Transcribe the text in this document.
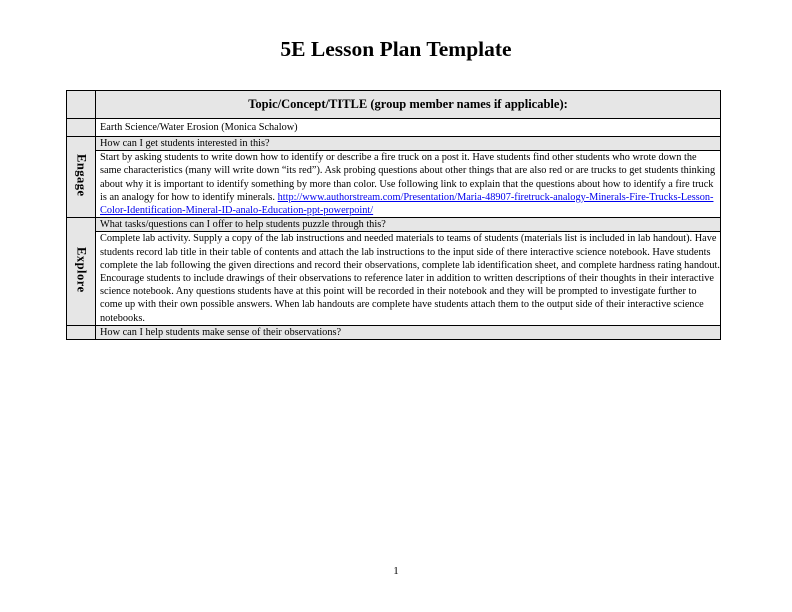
5E Lesson Plan Template
	Topic/Concept/TITLE (group member names if applicable):
	Earth Science/Water Erosion (Monica Schalow)
Engage	How can I get students interested in this?
	Start by asking students to write down how to identify or describe a fire truck on a post it. Have students find other students who wrote down the same characteristics (many will write down “its red”). Ask probing questions about other things that are also red or are trucks to get students thinking about why it is important to identify something by more than color. Use following link to explain that the questions about how to identify a fire truck is an analogy for how to identify minerals. http://www.authorstream.com/Presentation/Maria-48907-firetruck-analogy-Minerals-Fire-Trucks-Lesson-Color-Identification-Mineral-ID-analo-Education-ppt-powerpoint/
Explore	What tasks/questions can I offer to help students puzzle through this?
	Complete lab activity. Supply a copy of the lab instructions and needed materials to teams of students (materials list is included in lab handout). Have students record lab title in their table of contents and attach the lab instructions to the input side of there interactive science notebook. Have students complete the lab following the given directions and record their observations, complete lab identification sheet, and complete hardness rating handout. Encourage students to include drawings of their observations to reference later in addition to written descriptions of their thoughts in their interactive science notebook. Any questions students have at this point will be recorded in their notebook and they will be prompted to investigate further to come up with their own possible answers. When lab handouts are complete have students attach them to the output side of their interactive science notebooks.
	How can I help students make sense of their observations?
1
